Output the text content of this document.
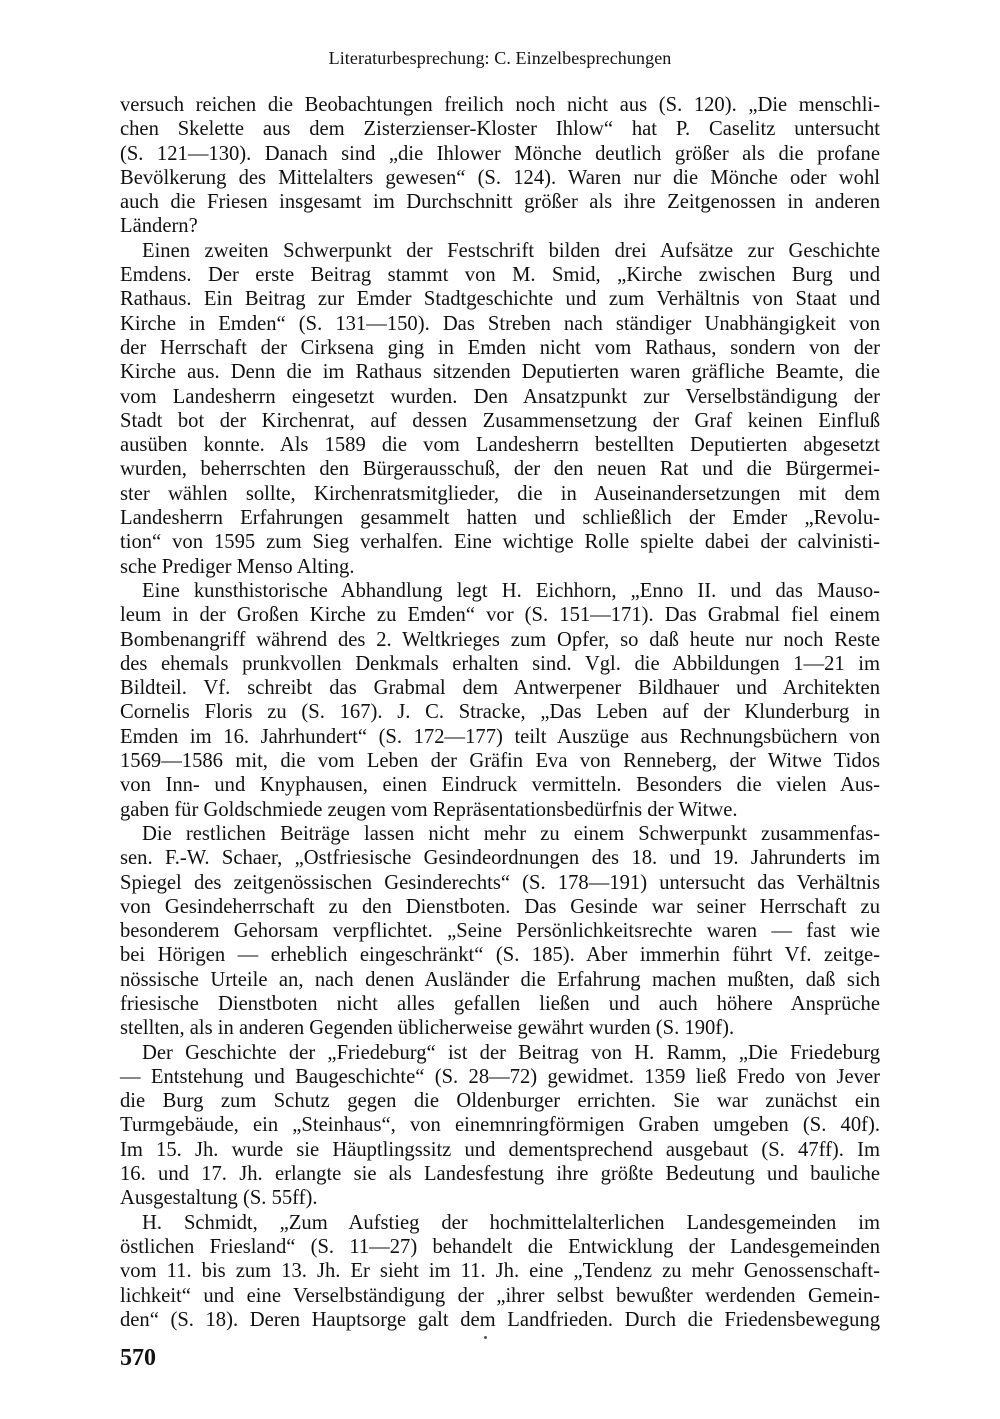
Literaturbesprechung: C. Einzelbesprechungen
versuch reichen die Beobachtungen freilich noch nicht aus (S. 120). „Die menschli-
chen Skelette aus dem Zisterzienser-Kloster Ihlow“ hat P. Caselitz untersucht
(S. 121—130). Danach sind „die Ihlower Mönche deutlich größer als die profane
Bevölkerung des Mittelalters gewesen“ (S. 124). Waren nur die Mönche oder wohl
auch die Friesen insgesamt im Durchschnitt größer als ihre Zeitgenossen in anderen
Ländern?
Einen zweiten Schwerpunkt der Festschrift bilden drei Aufsätze zur Geschichte
Emdens. Der erste Beitrag stammt von M. Smid, „Kirche zwischen Burg und
Rathaus. Ein Beitrag zur Emder Stadtgeschichte und zum Verhältnis von Staat und
Kirche in Emden“ (S. 131—150). Das Streben nach ständiger Unabhängigkeit von
der Herrschaft der Cirksena ging in Emden nicht vom Rathaus, sondern von der
Kirche aus. Denn die im Rathaus sitzenden Deputierten waren gräfliche Beamte, die
vom Landesherrn eingesetzt wurden. Den Ansatzpunkt zur Verselbständigung der
Stadt bot der Kirchenrat, auf dessen Zusammensetzung der Graf keinen Einfluß
ausüben konnte. Als 1589 die vom Landesherrn bestellten Deputierten abgesetzt
wurden, beherrschten den Bürgerausschuß, der den neuen Rat und die Bürgermei-
ster wählen sollte, Kirchenratsmitglieder, die in Auseinandersetzungen mit dem
Landesherrn Erfahrungen gesammelt hatten und schließlich der Emder „Revolu-
tion“ von 1595 zum Sieg verhalfen. Eine wichtige Rolle spielte dabei der calvinisti-
sche Prediger Menso Alting.
Eine kunsthistorische Abhandlung legt H. Eichhorn, „Enno II. und das Mauso-
leum in der Großen Kirche zu Emden“ vor (S. 151—171). Das Grabmal fiel einem
Bombenangriff während des 2. Weltkrieges zum Opfer, so daß heute nur noch Reste
des ehemals prunkvollen Denkmals erhalten sind. Vgl. die Abbildungen 1—21 im
Bildteil. Vf. schreibt das Grabmal dem Antwerpener Bildhauer und Architekten
Cornelis Floris zu (S. 167). J. C. Stracke, „Das Leben auf der Klunderburg in
Emden im 16. Jahrhundert“ (S. 172—177) teilt Auszüge aus Rechnungsbüchern von
1569—1586 mit, die vom Leben der Gräfin Eva von Renneberg, der Witwe Tidos
von Inn- und Knyphausen, einen Eindruck vermitteln. Besonders die vielen Aus-
gaben für Goldschmiede zeugen vom Repräsentationsbedürfnis der Witwe.
Die restlichen Beiträge lassen nicht mehr zu einem Schwerpunkt zusammenfas-
sen. F.-W. Schaer, „Ostfriesische Gesindeordnungen des 18. und 19. Jahrunderts im
Spiegel des zeitgenössischen Gesinderechts“ (S. 178—191) untersucht das Verhältnis
von Gesindeherrschaft zu den Dienstboten. Das Gesinde war seiner Herrschaft zu
besonderem Gehorsam verpflichtet. „Seine Persönlichkeitsrechte waren — fast wie
bei Hörigen — erheblich eingeschränkt“ (S. 185). Aber immerhin führt Vf. zeitge-
nössische Urteile an, nach denen Ausländer die Erfahrung machen mußten, daß sich
friesische Dienstboten nicht alles gefallen ließen und auch höhere Ansprüche
stellten, als in anderen Gegenden üblicherweise gewährt wurden (S. 190f).
Der Geschichte der „Friedeburg“ ist der Beitrag von H. Ramm, „Die Friedeburg
— Entstehung und Baugeschichte“ (S. 28—72) gewidmet. 1359 ließ Fredo von Jever
die Burg zum Schutz gegen die Oldenburger errichten. Sie war zunächst ein
Turmgebäude, ein „Steinhaus“, von einemnringförmigen Graben umgeben (S. 40f).
Im 15. Jh. wurde sie Häuptlingssitz und dementsprechend ausgebaut (S. 47ff). Im
16. und 17. Jh. erlangte sie als Landesfestung ihre größte Bedeutung und bauliche
Ausgestaltung (S. 55ff).
H. Schmidt, „Zum Aufstieg der hochmittelalterlichen Landesgemeinden im
östlichen Friesland“ (S. 11—27) behandelt die Entwicklung der Landesgemeinden
vom 11. bis zum 13. Jh. Er sieht im 11. Jh. eine „Tendenz zu mehr Genossenschaft-
lichkeit“ und eine Verselbständigung der „ihrer selbst bewußter werdenden Gemein-
den“ (S. 18). Deren Hauptsorge galt dem Landfrieden. Durch die Friedensbewegung
570
